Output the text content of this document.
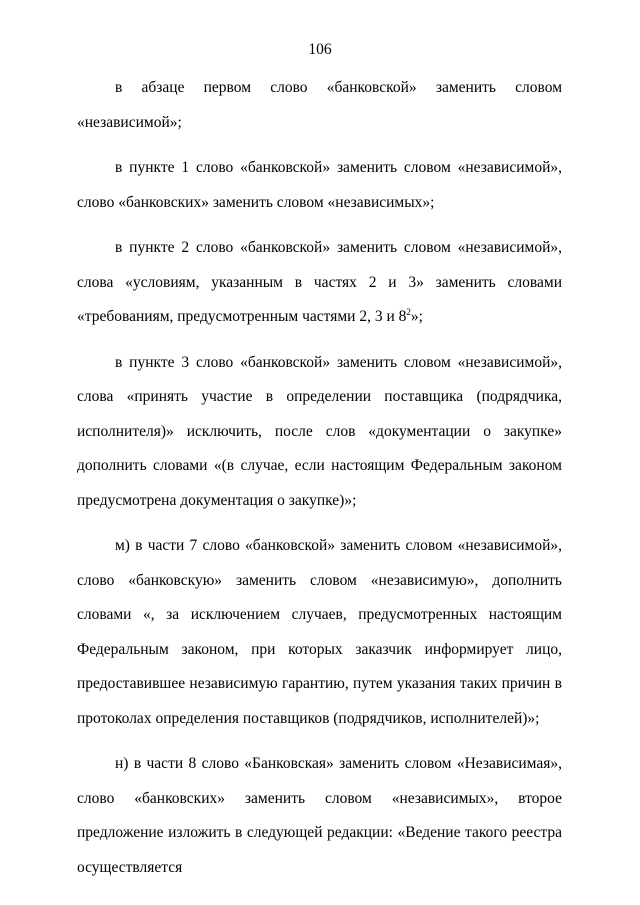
106

в абзаце первом слово «банковской» заменить словом «независимой»;

в пункте 1 слово «банковской» заменить словом «независимой», слово «банковских» заменить словом «независимых»;

в пункте 2 слово «банковской» заменить словом «независимой», слова «условиям, указанным в частях 2 и 3» заменить словами «требованиям, предусмотренным частями 2, 3 и $8^2$»;

в пункте 3 слово «банковской» заменить словом «независимой», слова «принять участие в определении поставщика (подрядчика, исполнителя)» исключить, после слов «документации о закупке» дополнить словами «(в случае, если настоящим Федеральным законом предусмотрена документация о закупке)»;

м) в части 7 слово «банковской» заменить словом «независимой», слово «банковскую» заменить словом «независимую», дополнить словами «, за исключением случаев, предусмотренных настоящим Федеральным законом, при которых заказчик информирует лицо, предоставившее независимую гарантию, путем указания таких причин в протоколах определения поставщиков (подрядчиков, исполнителей)»;

н) в части 8 слово «Банковская» заменить словом «Независимая», слово «банковских» заменить словом «независимых», второе предложение изложить в следующей редакции: «Ведение такого реестра осуществляется
